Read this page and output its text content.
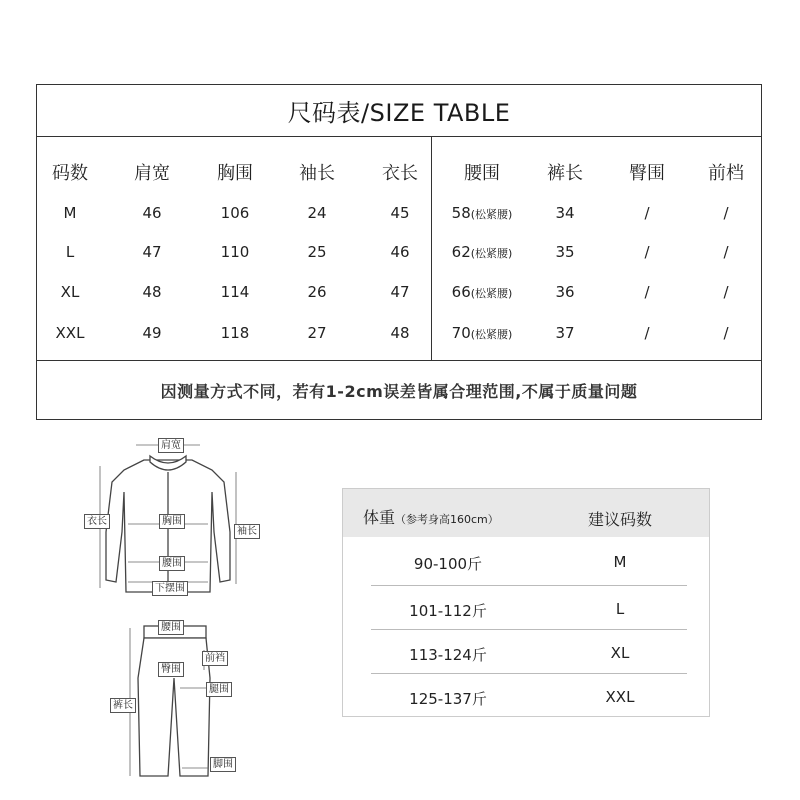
尺码表/SIZE TABLE
码数	肩宽	胸围	袖长	衣长	腰围	裤长	臀围	前档
M	46	106	24	45	58(松紧腰)	34	/	/
L	47	110	25	46	62(松紧腰)	35	/	/
XL	48	114	26	47	66(松紧腰)	36	/	/
XXL	49	118	27	48	70(松紧腰)	37	/	/
因测量方式不同，若有1-2cm误差皆属合理范围,不属于质量问题
肩宽
胸围
衣长
袖长
腰围
下摆围
腰围
前裆
臀围
腿围
裤长
脚围
体重（参考身高160cm）	建议码数
90-100斤	M
101-112斤	L
113-124斤	XL
125-137斤	XXL
